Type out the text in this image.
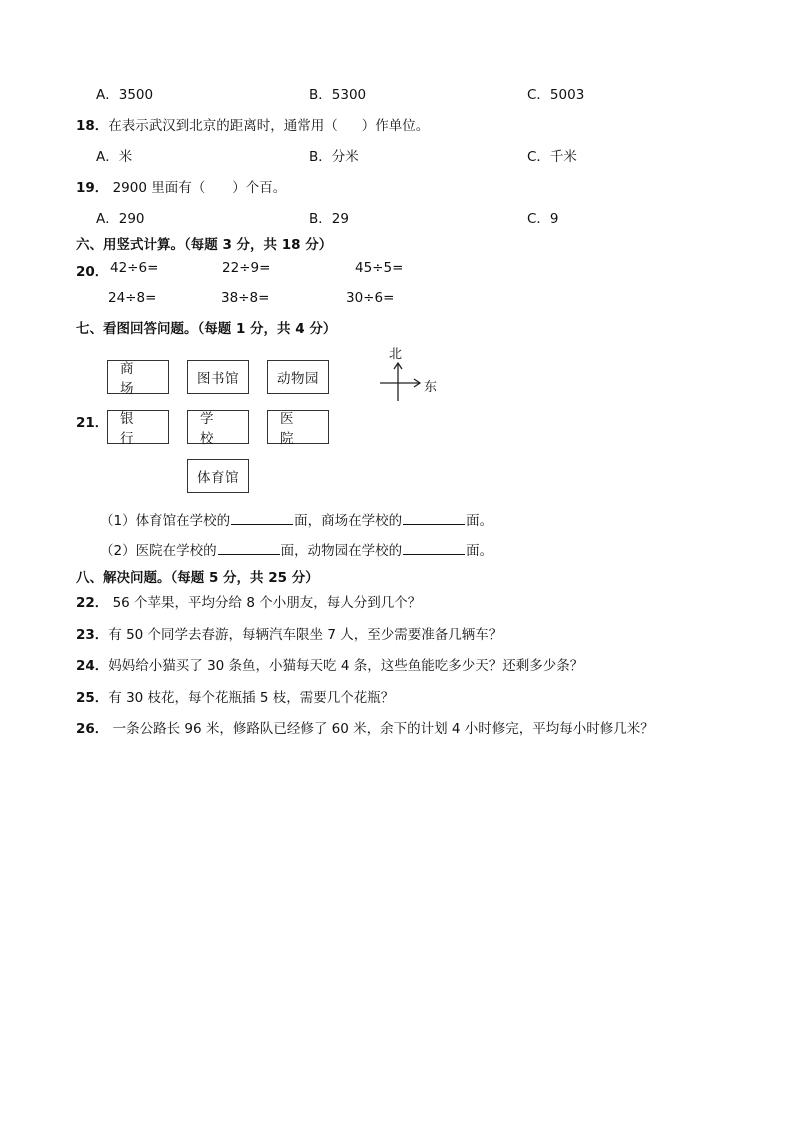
A．3500	B．5300	C．5003
18．在表示武汉到北京的距离时，通常用（ ）作单位。
A．米	B．分米	C．千米
19． 2900 里面有（　　）个百。
A．290	B．29	C．9
六、用竖式计算。（每题 3 分，共 18 分）
20． 42÷6=	22÷9=	45÷5=
24÷8=	38÷8=	30÷6=
七、看图回答问题。（每题 1 分，共 4 分）
21．
商 场
图书馆	动物园
银行
学校
医院
体育馆
北
东
（1）体育馆在学校的	面，商场在学校的	面。
（2）医院在学校的	面，动物园在学校的	面。
八、解决问题。（每题 5 分，共 25 分）
22． 56 个苹果，平均分给 8 个小朋友，每人分到几个？
23．有 50 个同学去春游，每辆汽车限坐 7 人，至少需要准备几辆车？
24．妈妈给小猫买了 30 条鱼，小猫每天吃 4 条，这些鱼能吃多少天？还剩多少条？
25．有 30 枝花，每个花瓶插 5 枝，需要几个花瓶？
26． 一条公路长 96 米，修路队已经修了 60 米，余下的计划 4 小时修完，平均每小时修几米？
